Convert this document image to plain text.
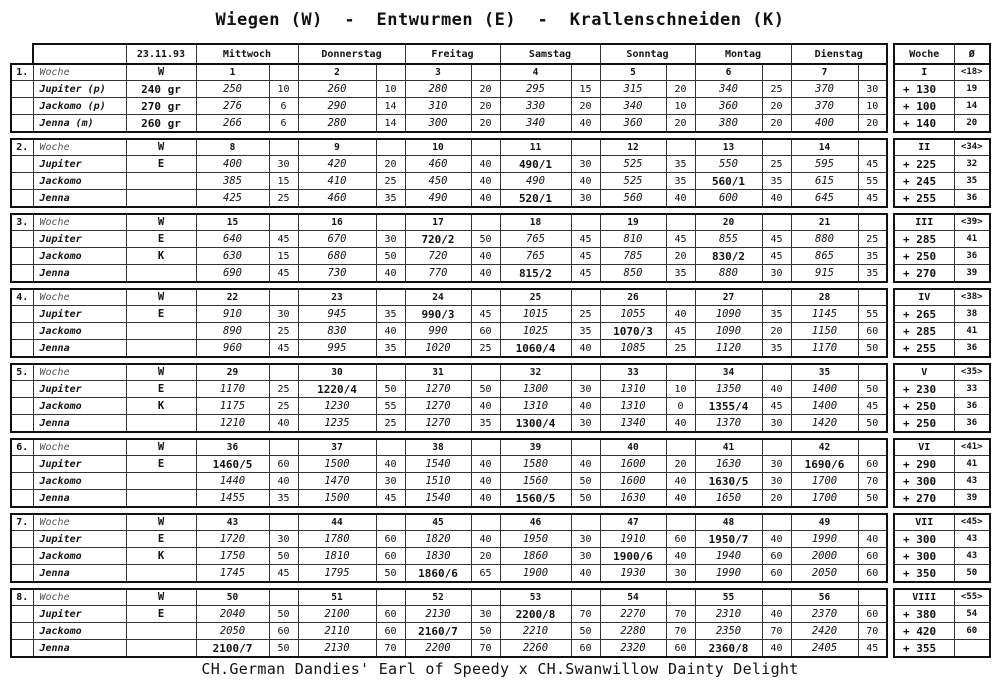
Wiegen (W)  -  Entwurmen (E)  -  Krallenschneiden (K)
		23.11.93	Mittwoch		Donnerstag		Freitag		Samstag		Sonntag		Montag		Dienstag	
1.	Woche	W	1		2		3		4		5		6		7	
	Jupiter (p)	240 gr	250	10	260	10	280	20	295	15	315	20	340	25	370	30
	Jackomo (p)	270 gr	276	6	290	14	310	20	330	20	340	10	360	20	370	10
	Jenna (m)	260 gr	266	6	280	14	300	20	340	40	360	20	380	20	400	20

2.	Woche	W	8		9		10		11		12		13		14	
	Jupiter	E	400	30	420	20	460	40	490/1	30	525	35	550	25	595	45
	Jackomo		385	15	410	25	450	40	490	40	525	35	560/1	35	615	55
	Jenna		425	25	460	35	490	40	520/1	30	560	40	600	40	645	45

3.	Woche	W	15		16		17		18		19		20		21	
	Jupiter	E	640	45	670	30	720/2	50	765	45	810	45	855	45	880	25
	Jackomo	K	630	15	680	50	720	40	765	45	785	20	830/2	45	865	35
	Jenna		690	45	730	40	770	40	815/2	45	850	35	880	30	915	35

4.	Woche	W	22		23		24		25		26		27		28	
	Jupiter	E	910	30	945	35	990/3	45	1015	25	1055	40	1090	35	1145	55
	Jackomo		890	25	830	40	990	60	1025	35	1070/3	45	1090	20	1150	60
	Jenna		960	45	995	35	1020	25	1060/4	40	1085	25	1120	35	1170	50

5.	Woche	W	29		30		31		32		33		34		35	
	Jupiter	E	1170	25	1220/4	50	1270	50	1300	30	1310	10	1350	40	1400	50
	Jackomo	K	1175	25	1230	55	1270	40	1310	40	1310	0	1355/4	45	1400	45
	Jenna		1210	40	1235	25	1270	35	1300/4	30	1340	40	1370	30	1420	50

6.	Woche	W	36		37		38		39		40		41		42	
	Jupiter	E	1460/5	60	1500	40	1540	40	1580	40	1600	20	1630	30	1690/6	60
	Jackomo		1440	40	1470	30	1510	40	1560	50	1600	40	1630/5	30	1700	70
	Jenna		1455	35	1500	45	1540	40	1560/5	50	1630	40	1650	20	1700	50

7.	Woche	W	43		44		45		46		47		48		49	
	Jupiter	E	1720	30	1780	60	1820	40	1950	30	1910	60	1950/7	40	1990	40
	Jackomo	K	1750	50	1810	60	1830	20	1860	30	1900/6	40	1940	60	2000	60
	Jenna		1745	45	1795	50	1860/6	65	1900	40	1930	30	1990	60	2050	60

8.	Woche	W	50		51		52		53		54		55		56	
	Jupiter	E	2040	50	2100	60	2130	30	2200/8	70	2270	70	2310	40	2370	60
	Jackomo		2050	60	2110	60	2160/7	50	2210	50	2280	70	2350	70	2420	70
	Jenna		2100/7	50	2130	70	2200	70	2260	60	2320	60	2360/8	40	2405	45
Woche	Ø
I	<18>
+ 130	19
+ 100	14
+ 140	20

II	<34>
+ 225	32
+ 245	35
+ 255	36

III	<39>
+ 285	41
+ 250	36
+ 270	39

IV	<38>
+ 265	38
+ 285	41
+ 255	36

V	<35>
+ 230	33
+ 250	36
+ 250	36

VI	<41>
+ 290	41
+ 300	43
+ 270	39

VII	<45>
+ 300	43
+ 300	43
+ 350	50

VIII	<55>
+ 380	54
+ 420	60
+ 355	
CH.German Dandies' Earl of Speedy x CH.Swanwillow Dainty Delight
